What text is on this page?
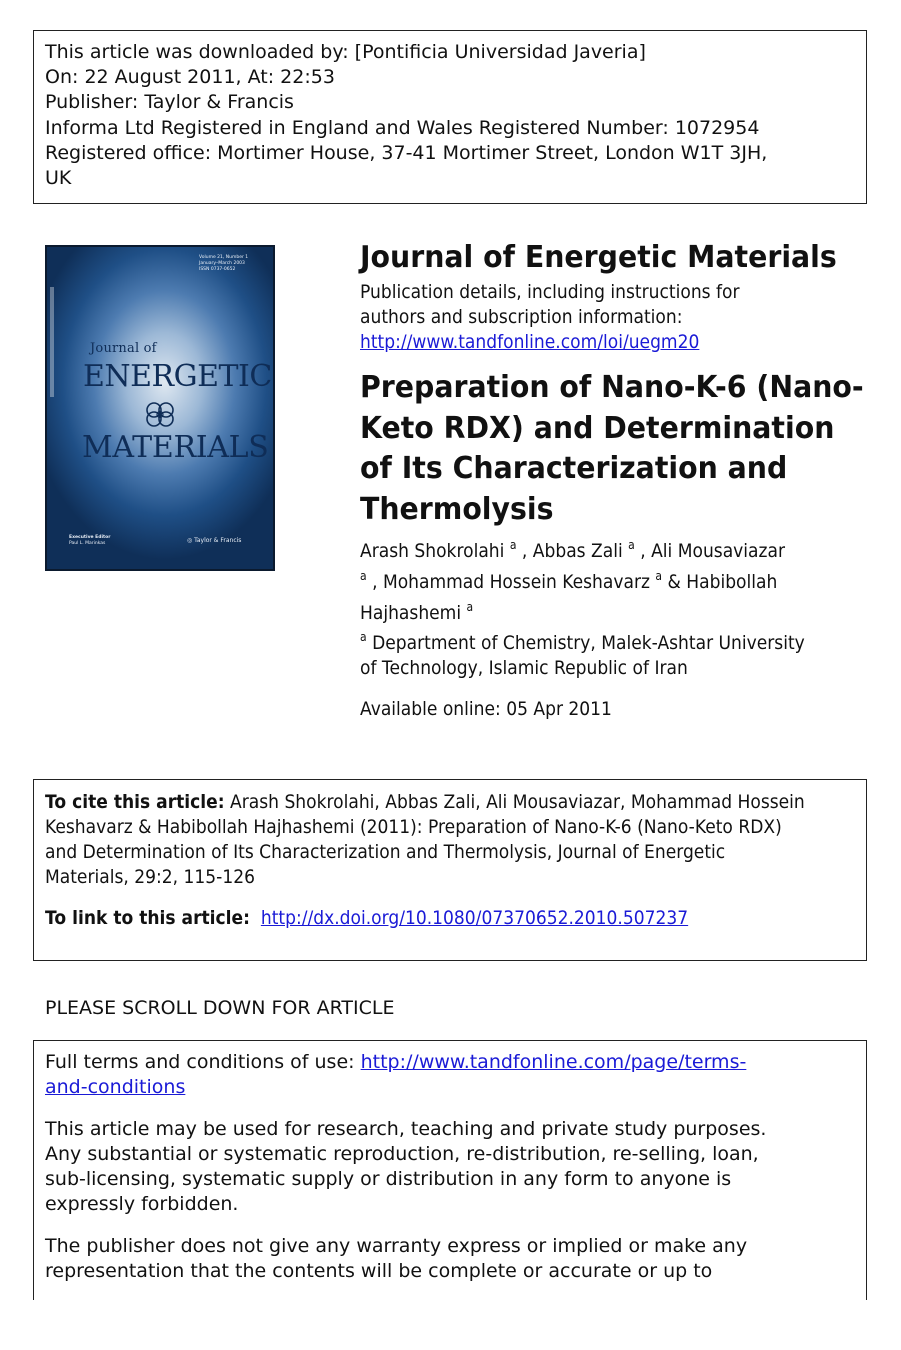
This article was downloaded by: [Pontificia Universidad Javeria]
On: 22 August 2011, At: 22:53
Publisher: Taylor & Francis
Informa Ltd Registered in England and Wales Registered Number: 1072954
Registered office: Mortimer House, 37-41 Mortimer Street, London W1T 3JH,
UK
Volume 21, Number 1
January–March 2003
ISSN 0737-0652
Journal of
ENERGETIC
MATERIALS
Executive Editor
Paul L. Marinkas	◎ Taylor & Francis
Journal of Energetic Materials
Publication details, including instructions for
authors and subscription information:
http://www.tandfonline.com/loi/uegm20
Preparation of Nano-K-6 (Nano-
Keto RDX) and Determination
of Its Characterization and
Thermolysis
Arash Shokrolahi $^a$ , Abbas Zali $^a$ , Ali Mousaviazar
$^a$ , Mohammad Hossein Keshavarz $^a$ & Habibollah
Hajhashemi $^a$
$^a$ Department of Chemistry, Malek-Ashtar University
of Technology, Islamic Republic of Iran
Available online: 05 Apr 2011
To cite this article: Arash Shokrolahi, Abbas Zali, Ali Mousaviazar, Mohammad Hossein
Keshavarz & Habibollah Hajhashemi (2011): Preparation of Nano-K-6 (Nano-Keto RDX)
and Determination of Its Characterization and Thermolysis, Journal of Energetic
Materials, 29:2, 115-126
To link to this article: http://dx.doi.org/10.1080/07370652.2010.507237
PLEASE SCROLL DOWN FOR ARTICLE
Full terms and conditions of use: http://www.tandfonline.com/page/terms-
and-conditions
This article may be used for research, teaching and private study purposes.
Any substantial or systematic reproduction, re-distribution, re-selling, loan,
sub-licensing, systematic supply or distribution in any form to anyone is
expressly forbidden.
The publisher does not give any warranty express or implied or make any
representation that the contents will be complete or accurate or up to
